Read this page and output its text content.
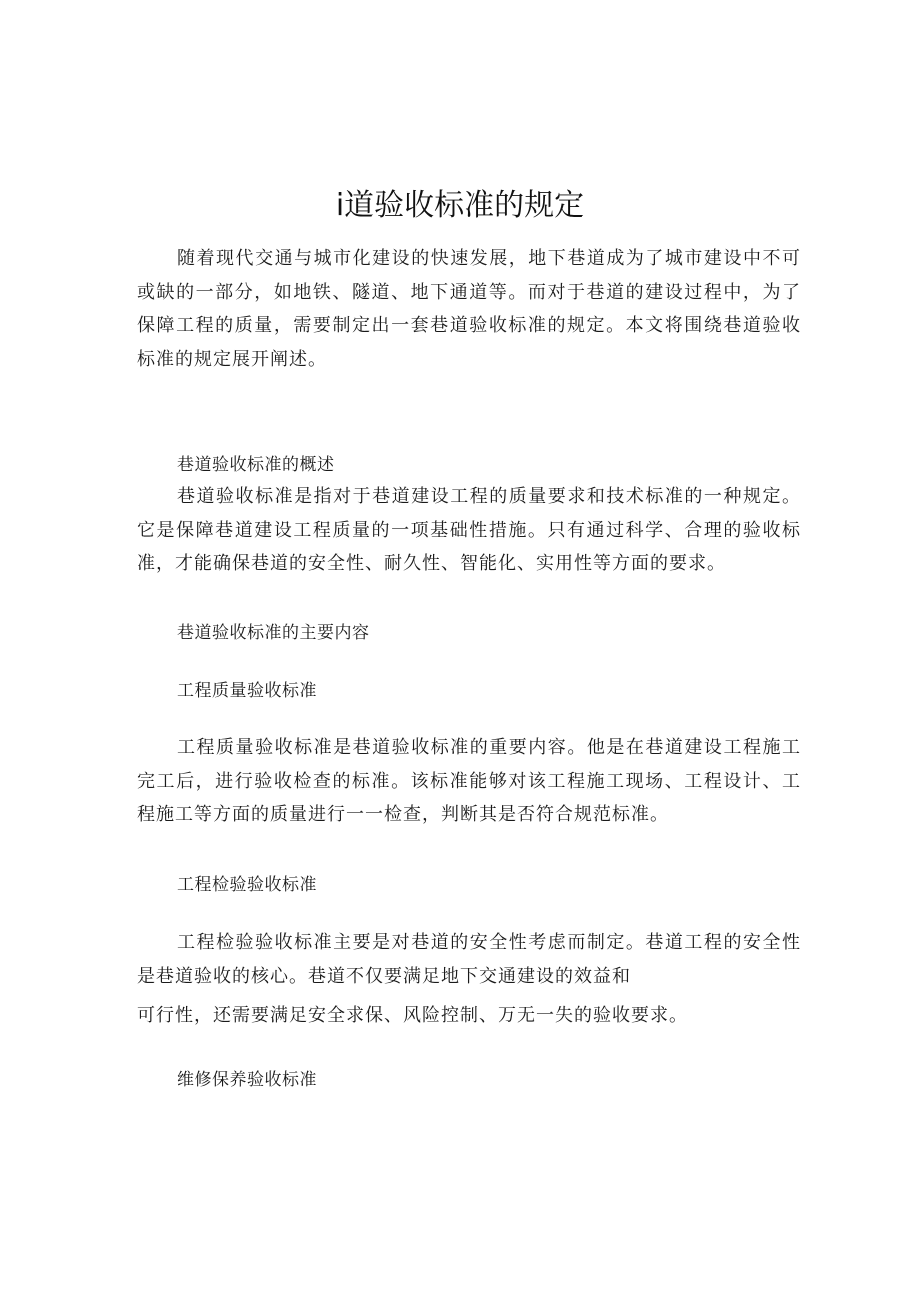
i道验收标准的规定

随着现代交通与城市化建设的快速发展，地下巷道成为了城市建设中不可或缺的一部分，如地铁、隧道、地下通道等。而对于巷道的建设过程中，为了保障工程的质量，需要制定出一套巷道验收标准的规定。本文将围绕巷道验收标准的规定展开阐述。

巷道验收标准的概述

巷道验收标准是指对于巷道建设工程的质量要求和技术标准的一种规定。它是保障巷道建设工程质量的一项基础性措施。只有通过科学、合理的验收标准，才能确保巷道的安全性、耐久性、智能化、实用性等方面的要求。

巷道验收标准的主要内容

工程质量验收标准

工程质量验收标准是巷道验收标准的重要内容。他是在巷道建设工程施工完工后，进行验收检查的标准。该标准能够对该工程施工现场、工程设计、工程施工等方面的质量进行一一检查，判断其是否符合规范标准。

工程检验验收标准

工程检验验收标准主要是对巷道的安全性考虑而制定。巷道工程的安全性是巷道验收的核心。巷道不仅要满足地下交通建设的效益和
可行性，还需要满足安全求保、风险控制、万无一失的验收要求。

维修保养验收标准
